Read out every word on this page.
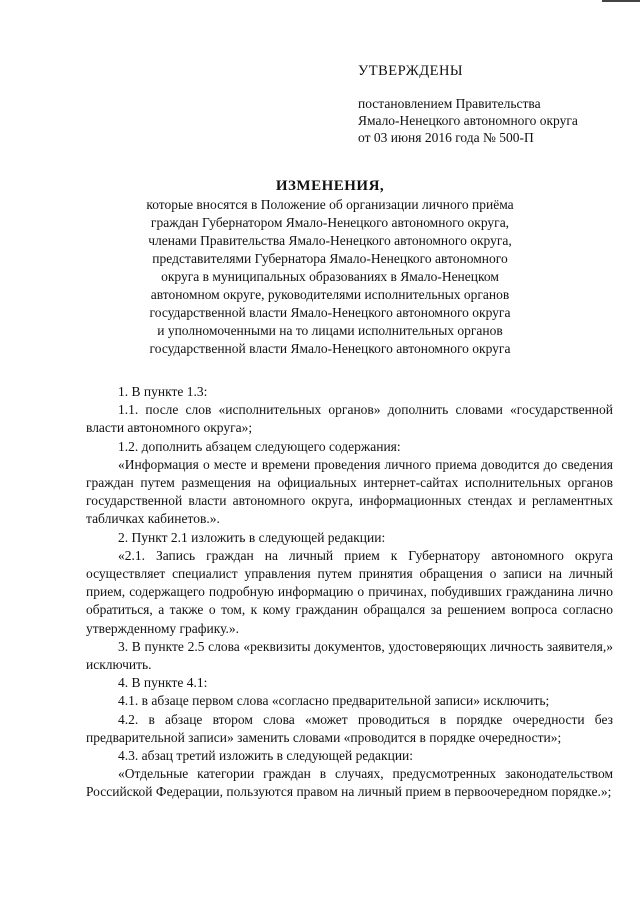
УТВЕРЖДЕНЫ
постановлением Правительства
Ямало-Ненецкого автономного округа
от 03 июня 2016 года № 500-П
ИЗМЕНЕНИЯ,
которые вносятся в Положение об организации личного приёма
граждан Губернатором Ямало-Ненецкого автономного округа,
членами Правительства Ямало-Ненецкого автономного округа,
представителями Губернатора Ямало-Ненецкого автономного
округа в муниципальных образованиях в Ямало-Ненецком
автономном округе, руководителями исполнительных органов
государственной власти Ямало-Ненецкого автономного округа
и уполномоченными на то лицами исполнительных органов
государственной власти Ямало-Ненецкого автономного округа

1. В пункте 1.3:

1.1. после слов «исполнительных органов» дополнить словами «государственной власти автономного округа»;

1.2. дополнить абзацем следующего содержания:

«Информация о месте и времени проведения личного приема доводится до сведения граждан путем размещения на официальных интернет-сайтах исполнительных органов государственной власти автономного округа, информационных стендах и регламентных табличках кабинетов.».

2. Пункт 2.1 изложить в следующей редакции:

«2.1. Запись граждан на личный прием к Губернатору автономного округа осуществляет специалист управления путем принятия обращения о записи на личный прием, содержащего подробную информацию о причинах, побудивших гражданина лично обратиться, а также о том, к кому гражданин обращался за решением вопроса согласно утвержденному графику.».

3. В пункте 2.5 слова «реквизиты документов, удостоверяющих личность заявителя,» исключить.

4. В пункте 4.1:

4.1. в абзаце первом слова «согласно предварительной записи» исключить;

4.2. в абзаце втором слова «может проводиться в порядке очередности без предварительной записи» заменить словами «проводится в порядке очередности»;

4.3. абзац третий изложить в следующей редакции:

«Отдельные категории граждан в случаях, предусмотренных законодательством Российской Федерации, пользуются правом на личный прием в первоочередном порядке.»;
